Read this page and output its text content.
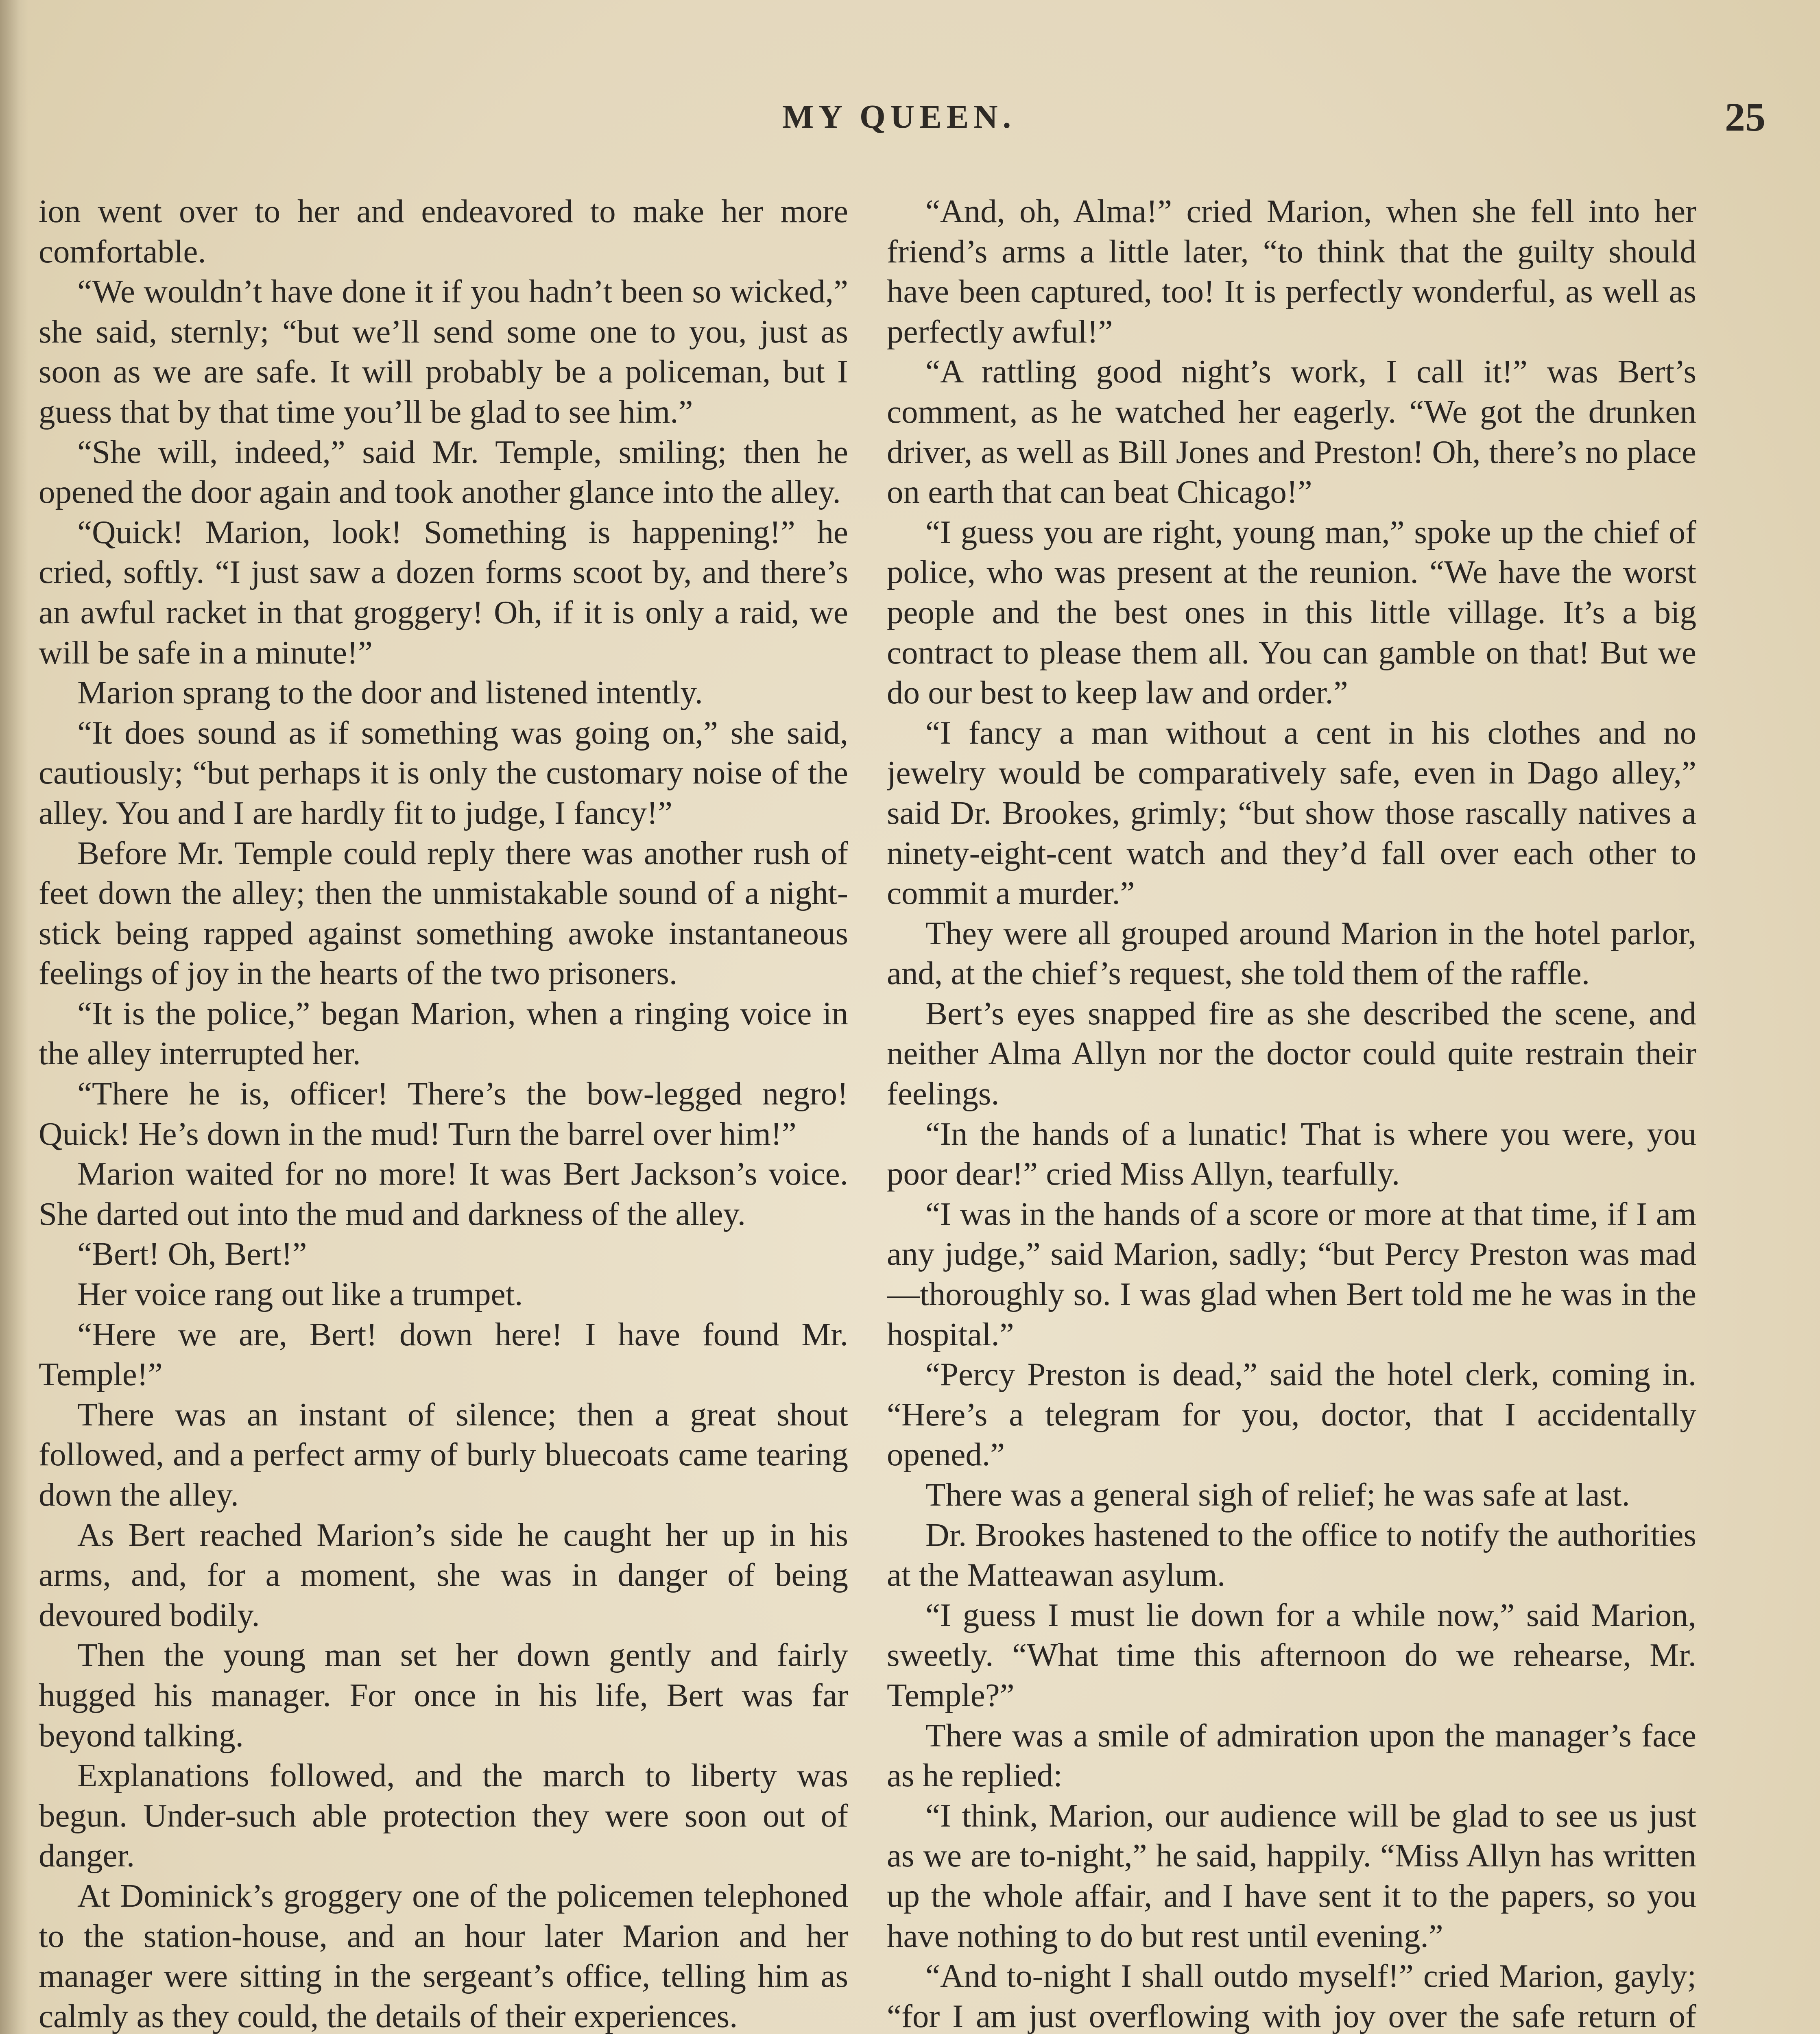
MY QUEEN.	25

ion went over to her and endeavored to make her more comfortable.

“We wouldn’t have done it if you hadn’t been so wicked,” she said, sternly; “but we’ll send some one to you, just as soon as we are safe. It will probably be a policeman, but I guess that by that time you’ll be glad to see him.”

“She will, indeed,” said Mr. Temple, smiling; then he opened the door again and took another glance into the alley.

“Quick! Marion, look! Something is happening!” he cried, softly. “I just saw a dozen forms scoot by, and there’s an awful racket in that groggery! Oh, if it is only a raid, we will be safe in a minute!”

Marion sprang to the door and listened intently.

“It does sound as if something was going on,” she said, cautiously; “but perhaps it is only the customary noise of the alley. You and I are hardly fit to judge, I fancy!”

Before Mr. Temple could reply there was another rush of feet down the alley; then the unmistakable sound of a night-stick being rapped against something awoke instantaneous feelings of joy in the hearts of the two prisoners.

“It is the police,” began Marion, when a ringing voice in the alley interrupted her.

“There he is, officer! There’s the bow-legged negro! Quick! He’s down in the mud! Turn the barrel over him!”

Marion waited for no more! It was Bert Jackson’s voice. She darted out into the mud and darkness of the alley.

“Bert! Oh, Bert!”

Her voice rang out like a trumpet.

“Here we are, Bert! down here! I have found Mr. Temple!”

There was an instant of silence; then a great shout followed, and a perfect army of burly bluecoats came tearing down the alley.

As Bert reached Marion’s side he caught her up in his arms, and, for a moment, she was in danger of being devoured bodily.

Then the young man set her down gently and fairly hugged his manager. For once in his life, Bert was far beyond talking.

Explanations followed, and the march to liberty was begun. Under-such able protection they were soon out of danger.

At Dominick’s groggery one of the policemen telephoned to the station-house, and an hour later Marion and her manager were sitting in the sergeant’s office, telling him as calmly as they could, the details of their experiences.

“And, oh, Alma!” cried Marion, when she fell into her friend’s arms a little later, “to think that the guilty should have been captured, too! It is perfectly wonderful, as well as perfectly awful!”

“A rattling good night’s work, I call it!” was Bert’s comment, as he watched her eagerly. “We got the drunken driver, as well as Bill Jones and Preston! Oh, there’s no place on earth that can beat Chicago!”

“I guess you are right, young man,” spoke up the chief of police, who was present at the reunion. “We have the worst people and the best ones in this little village. It’s a big contract to please them all. You can gamble on that! But we do our best to keep law and order.”

“I fancy a man without a cent in his clothes and no jewelry would be comparatively safe, even in Dago alley,” said Dr. Brookes, grimly; “but show those rascally natives a ninety-eight-cent watch and they’d fall over each other to commit a murder.”

They were all grouped around Marion in the hotel parlor, and, at the chief’s request, she told them of the raffle.

Bert’s eyes snapped fire as she described the scene, and neither Alma Allyn nor the doctor could quite restrain their feelings.

“In the hands of a lunatic! That is where you were, you poor dear!” cried Miss Allyn, tearfully.

“I was in the hands of a score or more at that time, if I am any judge,” said Marion, sadly; “but Percy Preston was mad—thoroughly so. I was glad when Bert told me he was in the hospital.”

“Percy Preston is dead,” said the hotel clerk, coming in. “Here’s a telegram for you, doctor, that I accidentally opened.”

There was a general sigh of relief; he was safe at last.

Dr. Brookes hastened to the office to notify the authorities at the Matteawan asylum.

“I guess I must lie down for a while now,” said Marion, sweetly. “What time this afternoon do we rehearse, Mr. Temple?”

There was a smile of admiration upon the manager’s face as he replied:

“I think, Marion, our audience will be glad to see us just as we are to-night,” he said, happily. “Miss Allyn has written up the whole affair, and I have sent it to the papers, so you have nothing to do but rest until evening.”

“And to-night I shall outdo myself!” cried Marion, gayly; “for I am just overflowing with joy over the safe return of
